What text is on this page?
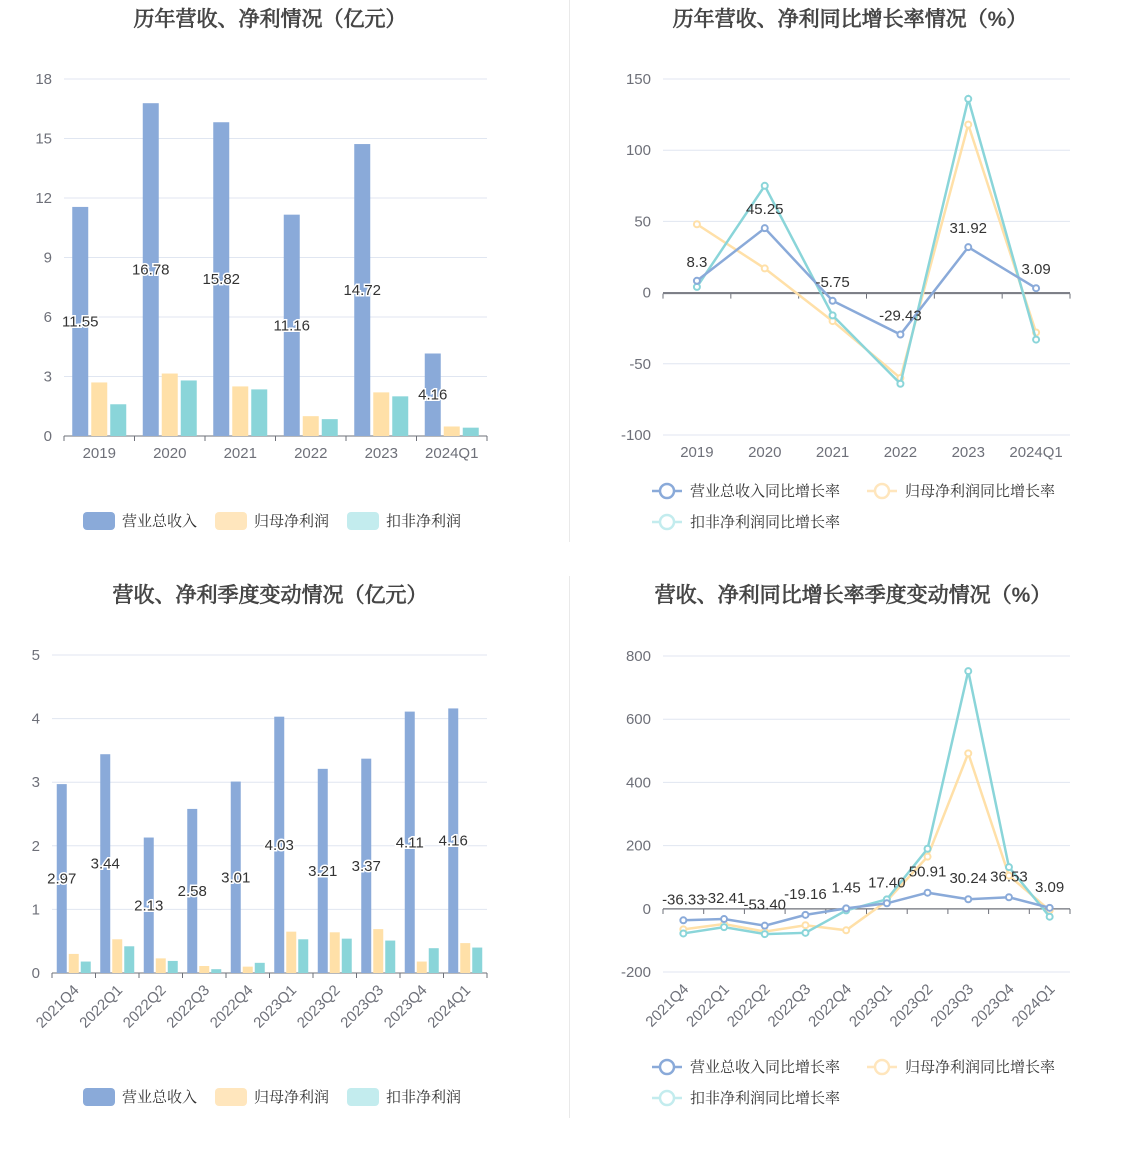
历年营收、净利情况（亿元）
0
3
6
9
12
15
18
2019 2020 2021 2022 2023 2024Q1
11.55
16.78
15.82
11.16
14.72
4.16
营业总收入	归母净利润	扣非净利润
历年营收、净利同比增长率情况（%）
-100
-50
0
50
100
150
2019 2020 2021 2022 2023 2024Q1
8.3
45.25
-5.75
-29.43
31.92
3.09
营业总收入同比增长率	归母净利润同比增长率
扣非净利润同比增长率
营收、净利季度变动情况（亿元）
0
1
2
3
4
5
2021Q4
2022Q1
2022Q2
2022Q3
2022Q4
2023Q1
2023Q2
2023Q3
2023Q4
2024Q1
2.97
3.44
2.13
2.58
3.01
4.03
3.21 3.37
4.11 4.16
营业总收入	归母净利润	扣非净利润
营收、净利同比增长率季度变动情况（%）
-200
0
200
400
600
800
2021Q4
2022Q1
2022Q2
2022Q3
2022Q4
2023Q1
2023Q2
2023Q3
2023Q4
2024Q1
-36.33
-32.41
-53.40
-19.16 1.45 17.40
50.91 30.24 36.53
3.09
营业总收入同比增长率	归母净利润同比增长率
扣非净利润同比增长率
